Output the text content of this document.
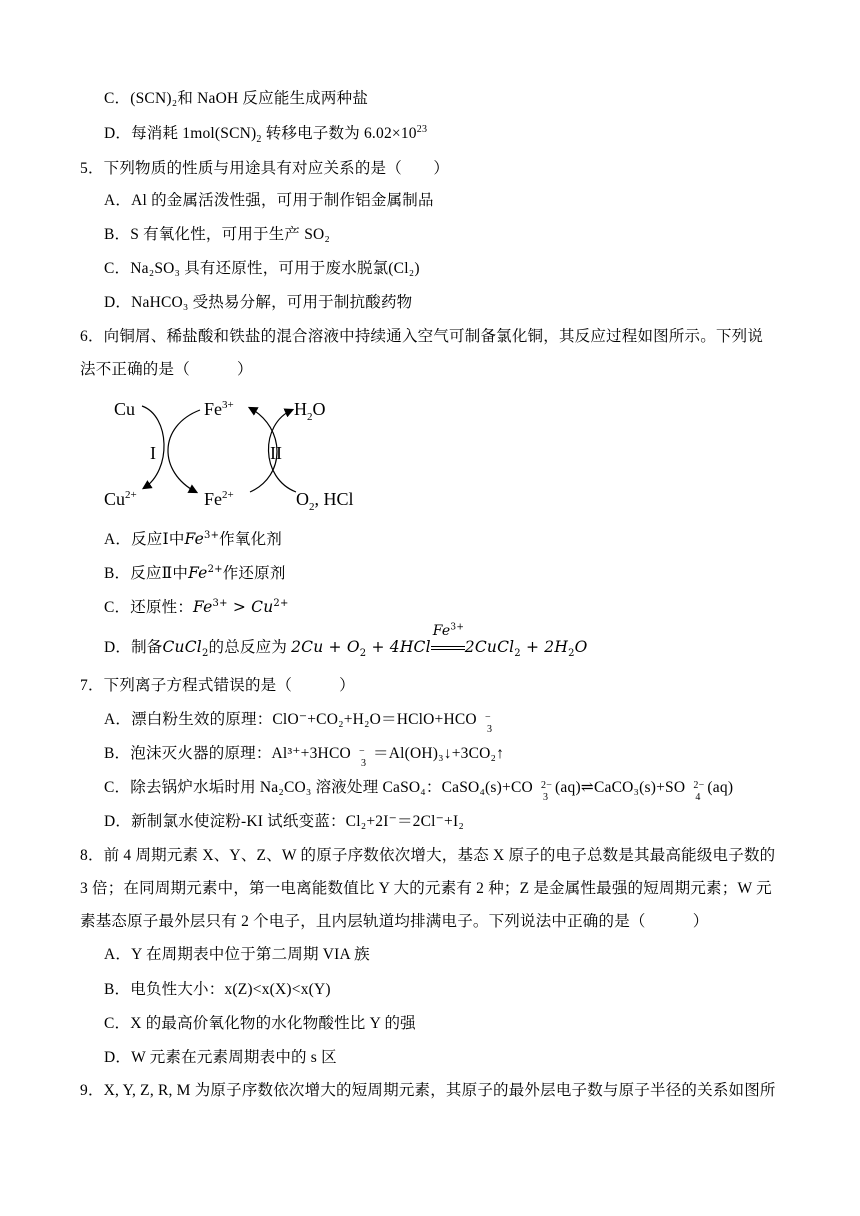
C．(SCN)₂和 NaOH 反应能生成两种盐
D．每消耗 $1mol(SCN)_2$ 转移电子数为 $6.02\times 10^{23}$
5．下列物质的性质与用途具有对应关系的是（　　）
A．Al 的金属活泼性强，可用于制作铝金属制品
B．S 有氧化性，可用于生产 SO₂
C．Na₂SO₃ 具有还原性，可用于废水脱氯(Cl₂)
D．NaHCO₃ 受热易分解，可用于制抗酸药物
6．向铜屑、稀盐酸和铁盐的混合溶液中持续通入空气可制备氯化铜，其反应过程如图所示。下列说
法不正确的是（　　　）
Cu	$Fe^{3+}$	$H_2O$
I	II
$Cu^{2+}$	$Fe^{2+}$	$O_2$, HCl
A．反应Ⅰ中$Fe^{3+}$作氧化剂
B．反应Ⅱ中$Fe^{2+}$作还原剂
C．还原性：$Fe^{3+} > Cu^{2+}$
D．制备CuCl$_2$的总反应为 $2Cu + O_2 + 4HCl$
$Fe^{3+}$
2CuCl$_2$ + $2H_2O$
7．下列离子方程式错误的是（　　　）
A．漂白粉生效的原理：ClO⁻+CO₂+H₂O＝HClO+HCO −
3
B．泡沫灭火器的原理：Al³⁺+3HCO −
3
＝Al(OH)₃↓+3CO₂↑
C．除去锅炉水垢时用 Na₂CO₃ 溶液处理 CaSO₄：CaSO₄(s)+CO 2−
3
(aq)⇌CaCO₃(s)+SO 2−
4
(aq)
D．新制氯水使淀粉-KI 试纸变蓝：Cl₂+2I⁻＝2Cl⁻+I₂
8．前 4 周期元素 X、Y、Z、W 的原子序数依次增大，基态 X 原子的电子总数是其最高能级电子数的
3 倍；在同周期元素中，第一电离能数值比 Y 大的元素有 2 种；Z 是金属性最强的短周期元素；W 元
素基态原子最外层只有 2 个电子，且内层轨道均排满电子。下列说法中正确的是（　　　）
A．Y 在周期表中位于第二周期 VIA 族
B．电负性大小：x(Z)<x(X)<x(Y)
C．X 的最高价氧化物的水化物酸性比 Y 的强
D．W 元素在元素周期表中的 s 区
9．X, Y, Z, R, M 为原子序数依次增大的短周期元素，其原子的最外层电子数与原子半径的关系如图所
